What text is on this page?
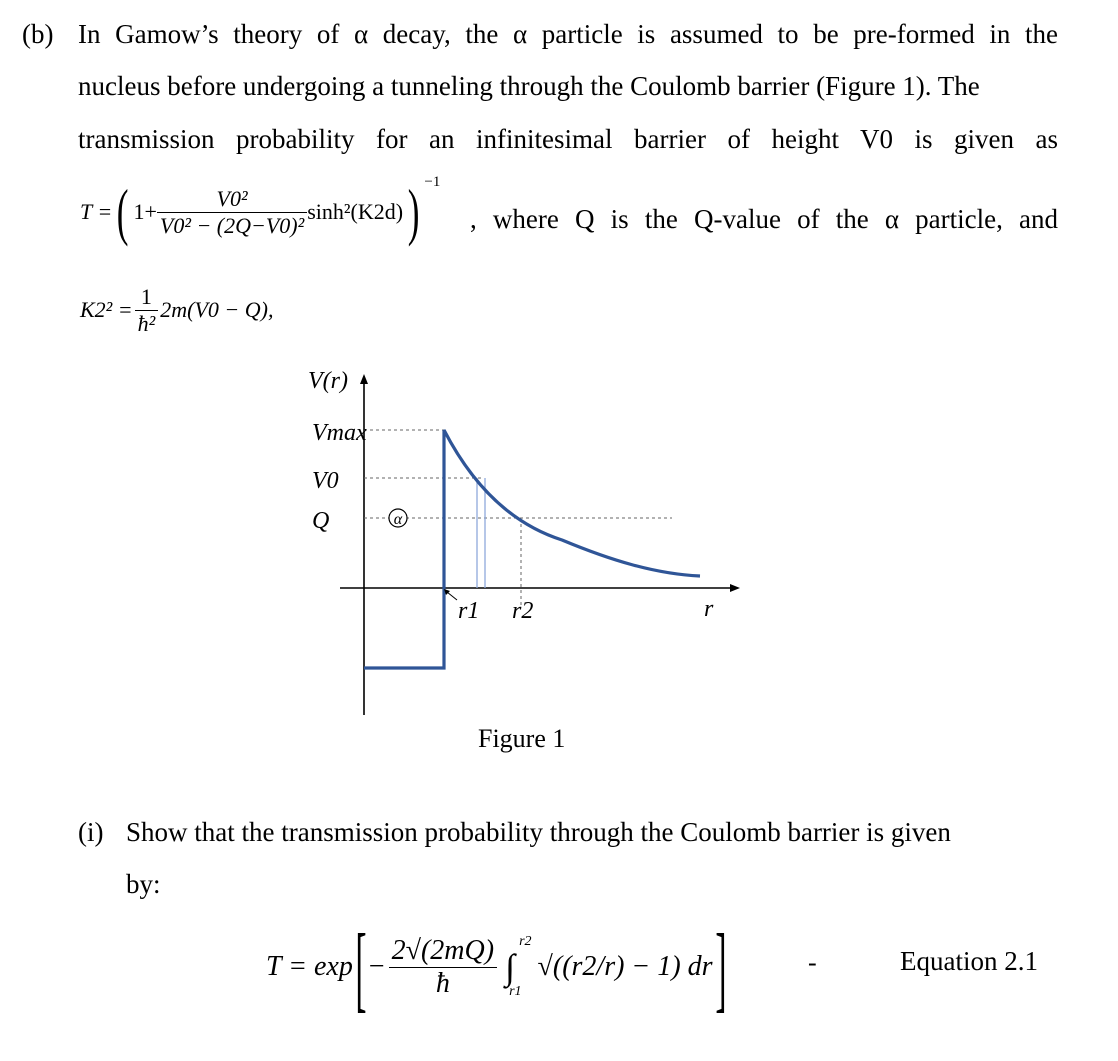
(b) In Gamow’s theory of α decay, the α particle is assumed to be pre-formed in the
nucleus before undergoing a tunneling through the Coulomb barrier (Figure 1). The
transmission probability for an infinitesimal barrier of height V0 is given as
T = ( $1+ \frac{\text{V0²}}{\text{V0² − (2Q−V0)²}} \sinh^2(K2d)$ ) −1
, where Q is the Q-value of the α particle, and
$K2^2 = \frac{1}{\text{ħ²}} 2m(V0 - Q)$,
α
V(r)
Vmax
V0
Q
r1 r2	r
Figure 1
(i) Show that the transmission probability through the Coulomb barrier is given
by:
T = exp [ − $\frac{2√(2mQ)}{ħ} r2$
∫
r1
√((r2/r) − 1) dr ]	-	Equation 2.1
